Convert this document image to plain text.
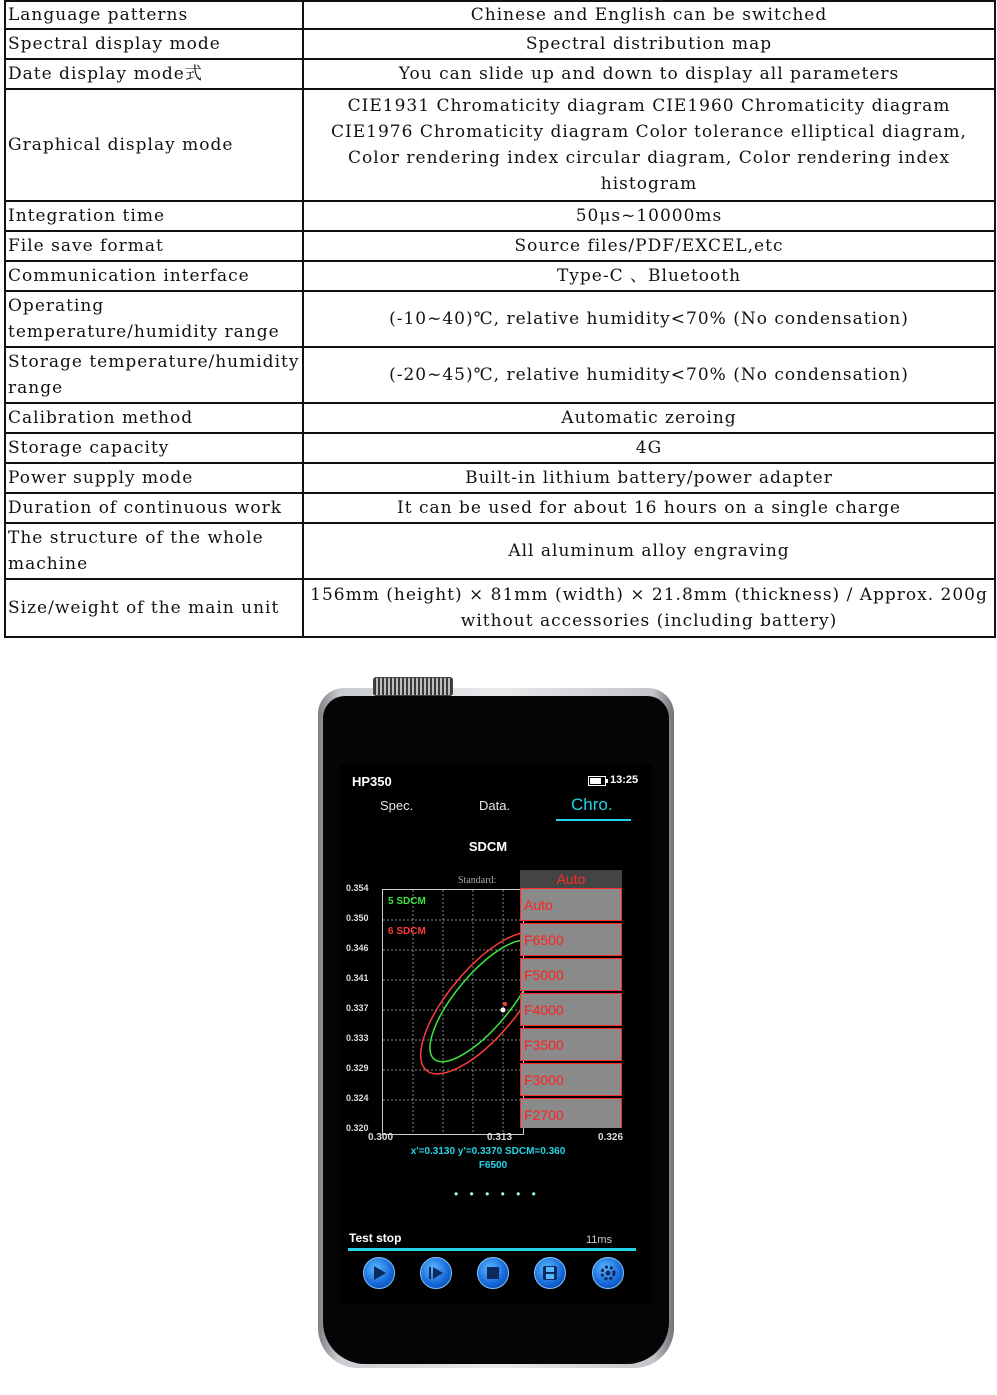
Language patterns	Chinese and English can be switched
Spectral display mode	Spectral distribution map
Date display mode式	You can slide up and down to display all parameters
Graphical display mode	CIE1931 Chromaticity diagram CIE1960 Chromaticity diagram CIE1976 Chromaticity diagram Color tolerance elliptical diagram, Color rendering index circular diagram, Color rendering index histogram
Integration time	50μs~10000ms
File save format	Source files/PDF/EXCEL,etc
Communication interface	Type-C 、Bluetooth
Operating temperature/humidity range	(-10~40)℃, relative humidity<70% (No condensation)
Storage temperature/humidity range	(-20~45)℃, relative humidity<70% (No condensation)
Calibration method	Automatic zeroing
Storage capacity	4G
Power supply mode	Built-in lithium battery/power adapter
Duration of continuous work	It can be used for about 16 hours on a single charge
The structure of the whole machine	All aluminum alloy engraving
Size/weight of the main unit	156mm (height) × 81mm (width) × 21.8mm (thickness) / Approx. 200g without accessories (including battery)
HP350	13:25
Spec.	Data.	Chro.
SDCM
Standard:
0.354
0.350
0.346
0.341
0.337
0.333
0.329
0.324
0.320
5 SDCM
6 SDCM
0.300	0.313	0.326
Auto
Auto
F6500
F5000
F4000
F3500
F3000
F2700
x'=0.3130 y'=0.3370 SDCM=0.360
F6500
• • • • • •
Test stop	11ms
